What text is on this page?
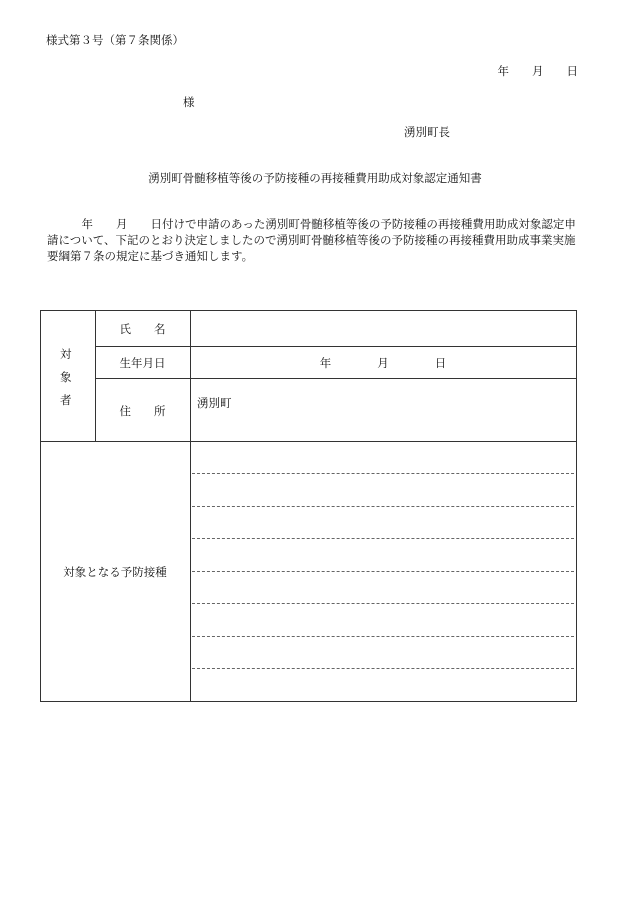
様式第３号（第７条関係）
年　　月　　日
様
湧別町長
湧別町骨髄移植等後の予防接種の再接種費用助成対象認定通知書
　　　年　　月　　日付けで申請のあった湧別町骨髄移植等後の予防接種の再接種費用助成対象認定申請について、下記のとおり決定しましたので湧別町骨髄移植等後の予防接種の再接種費用助成事業実施要綱第７条の規定に基づき通知します。
対
象
者
氏　　名
生年月日	年　　　　月　　　　日
住　　所
湧別町
対象となる予防接種
